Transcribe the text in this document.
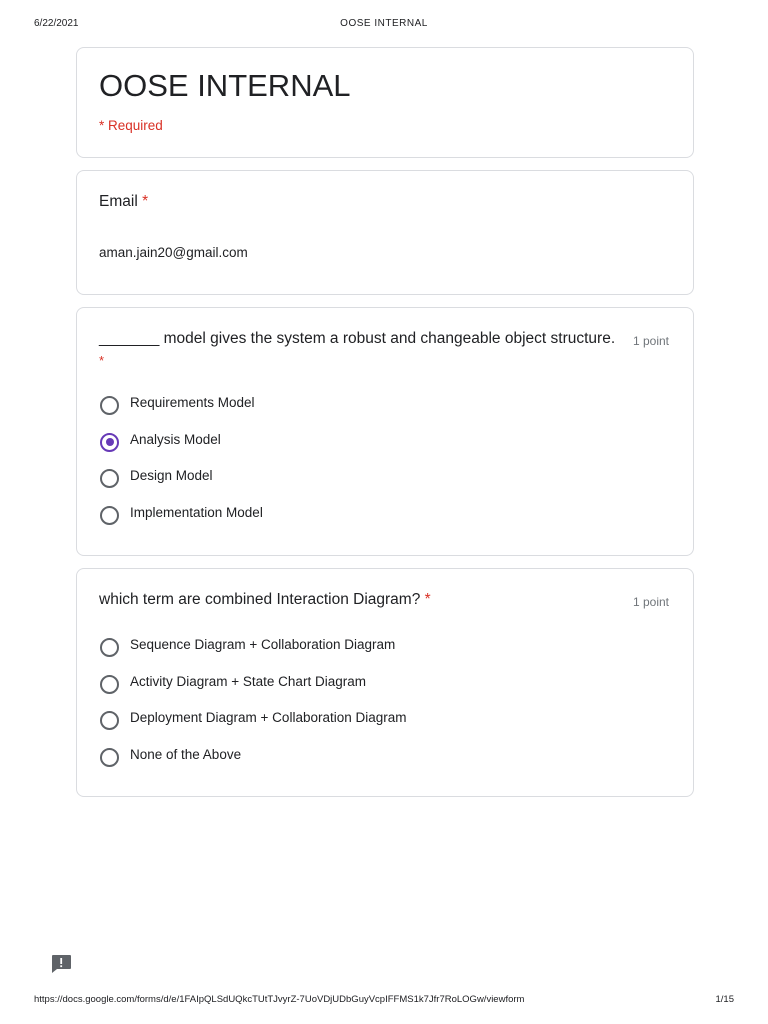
6/22/2021	OOSE INTERNAL
OOSE INTERNAL
* Required
Email *
aman.jain20@gmail.com
_______ model gives the system a robust and changeable object structure.
*
1 point
Requirements Model
Analysis Model
Design Model
Implementation Model
which term are combined Interaction Diagram? *	1 point
Sequence Diagram + Collaboration Diagram
Activity Diagram + State Chart Diagram
Deployment Diagram + Collaboration Diagram
None of the Above
https://docs.google.com/forms/d/e/1FAIpQLSdUQkcTUtTJvyrZ-7UoVDjUDbGuyVcpIFFMS1k7Jfr7RoLOGw/viewform	1/15
